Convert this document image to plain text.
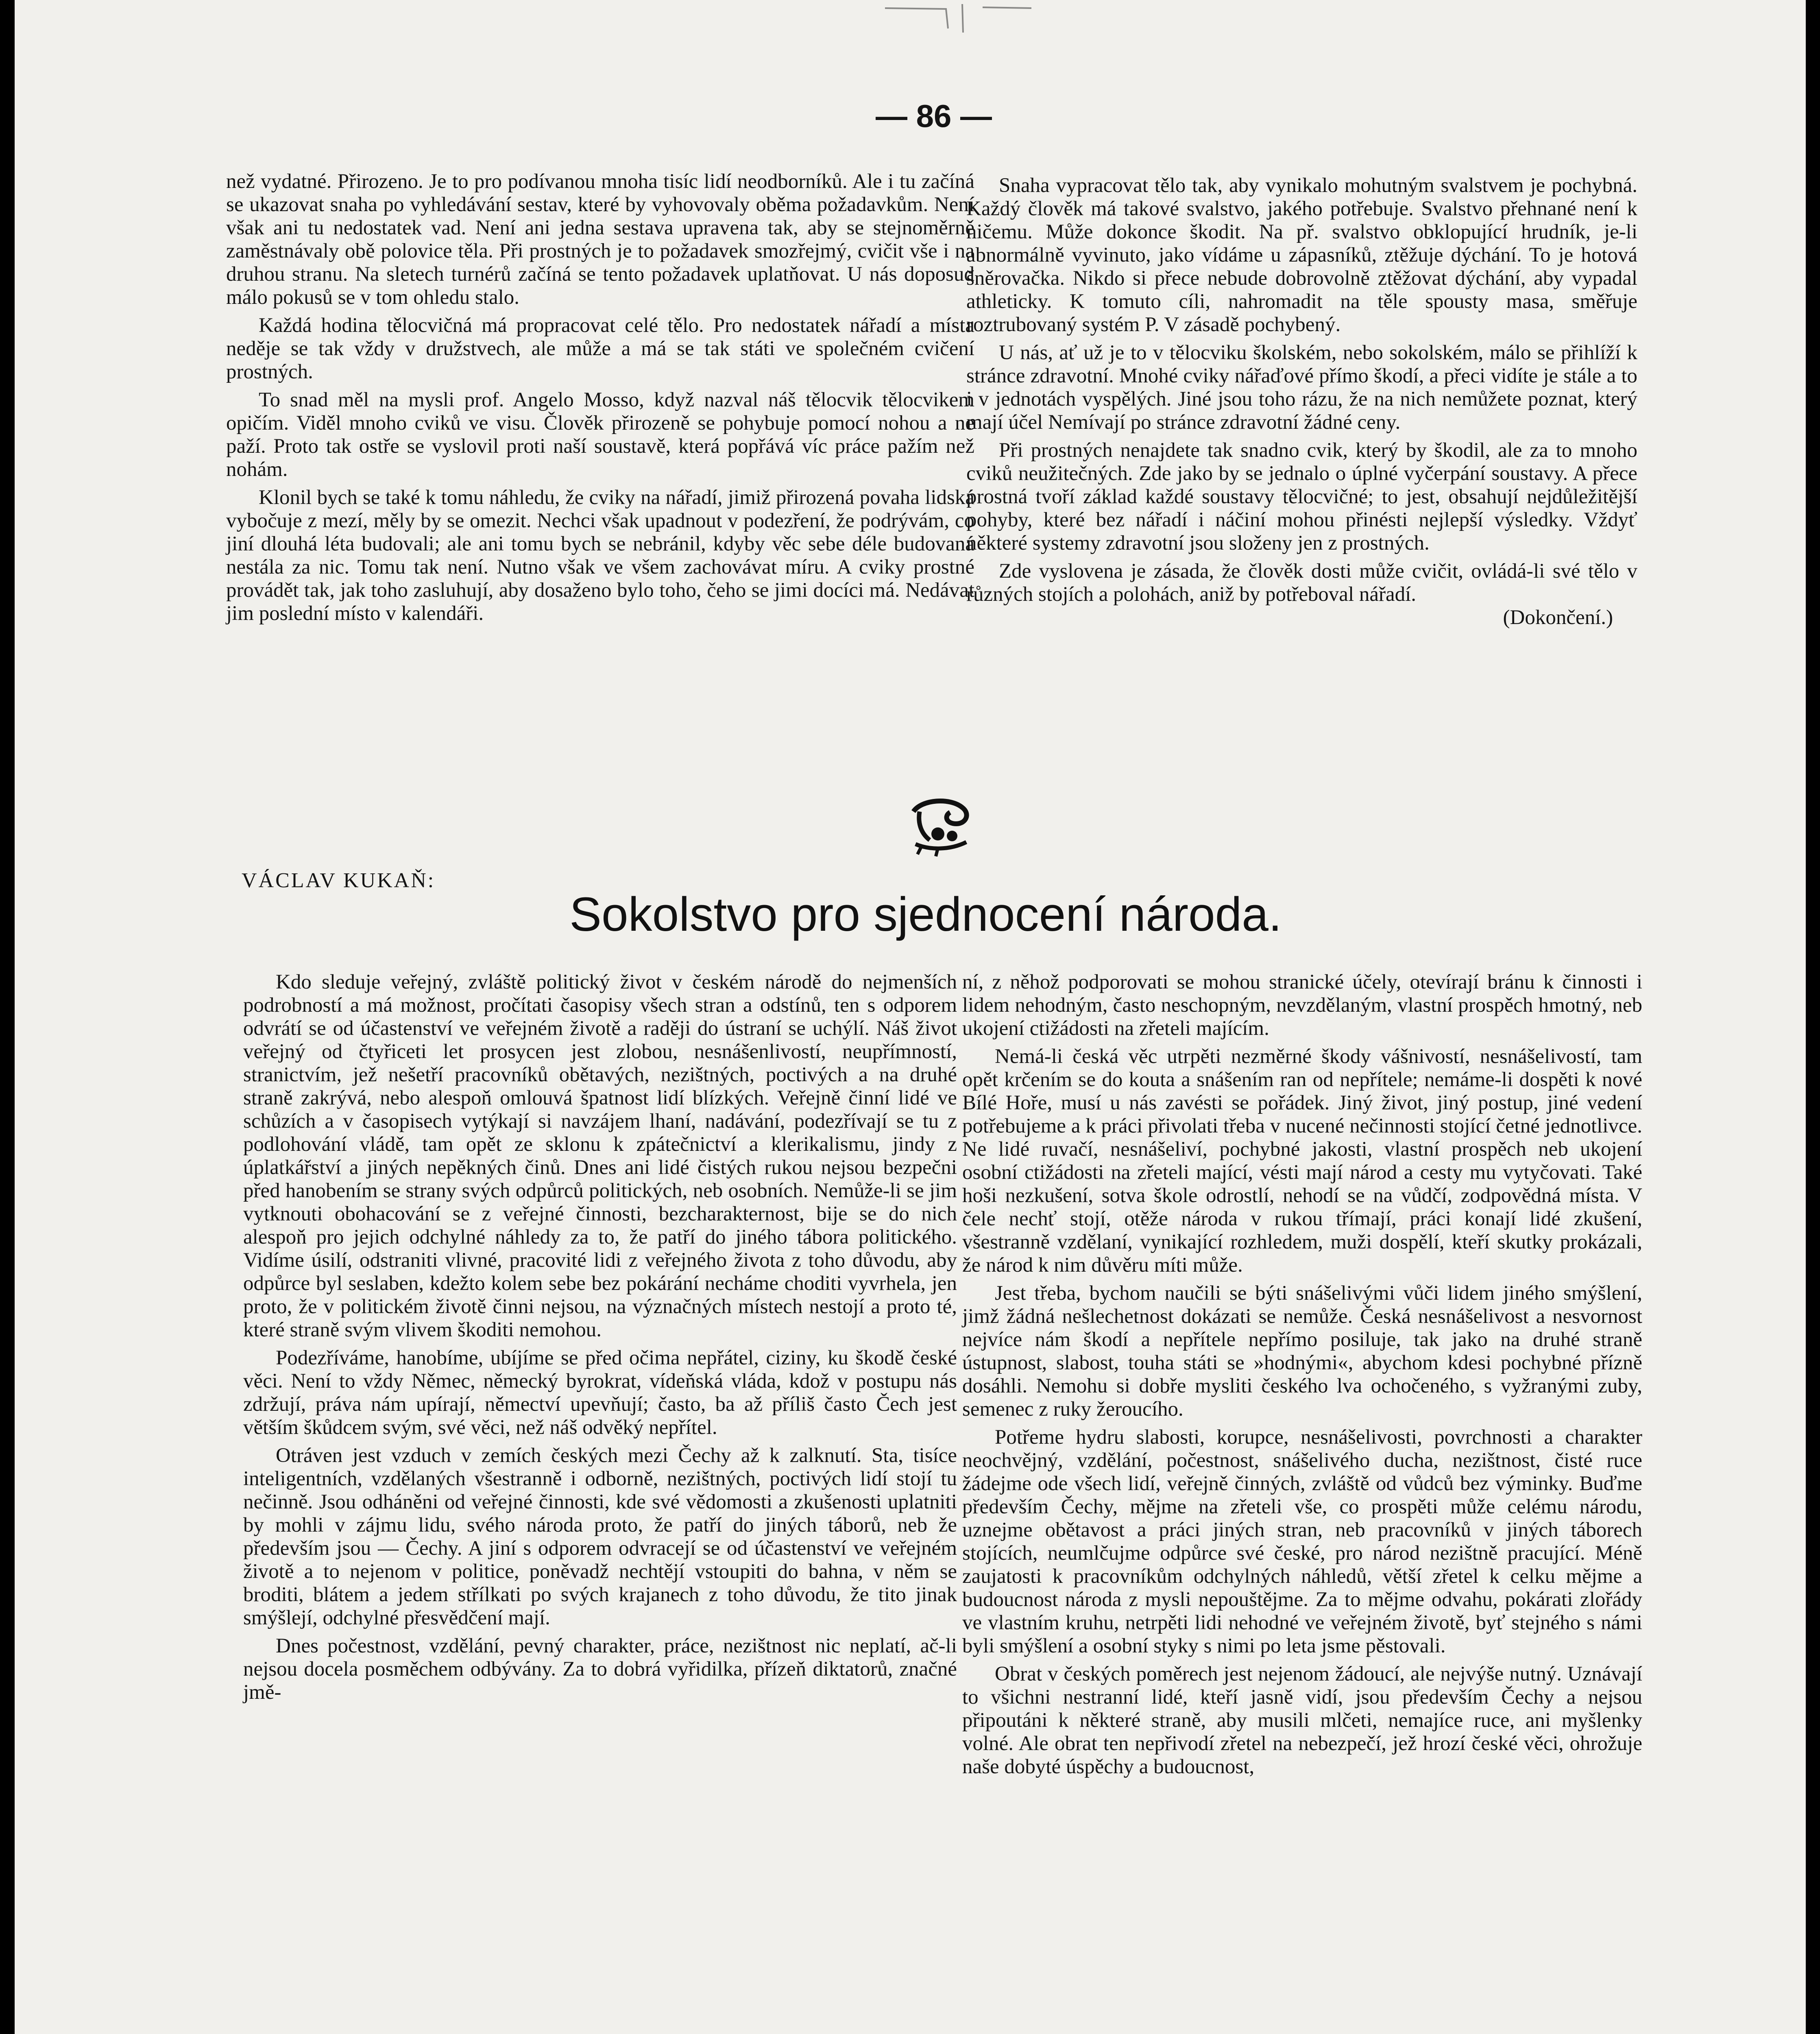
— 86 —

než vydatné. Přirozeno. Je to pro podívanou mnoha tisíc lidí neodborníků. Ale i tu začíná se ukazovat snaha po vyhledávání sestav, které by vyhovovaly oběma požadavkům. Není však ani tu nedostatek vad. Není ani jedna sestava upravena tak, aby se stejnoměrně zaměstnávaly obě polovice těla. Při prostných je to požadavek smozřejmý, cvičit vše i na druhou stranu. Na sletech turnérů začíná se tento požadavek uplatňovat. U nás doposud málo pokusů se v tom ohledu stalo.

Každá hodina tělocvičná má propracovat celé tělo. Pro nedostatek nářadí a místa neděje se tak vždy v družstvech, ale může a má se tak státi ve společném cvičení prostných.

To snad měl na mysli prof. Angelo Mosso, když nazval náš tělocvik tělocvikem opičím. Viděl mnoho cviků ve visu. Člověk přirozeně se pohybuje pomocí nohou a ne paží. Proto tak ostře se vyslovil proti naší soustavě, která popřává víc práce pažím než nohám.

Klonil bych se také k tomu náhledu, že cviky na nářadí, jimiž přirozená povaha lidská vybočuje z mezí, měly by se omezit. Nechci však upadnout v podezření, že podrývám, co jiní dlouhá léta budovali; ale ani tomu bych se nebránil, kdyby věc sebe déle budovaná nestála za nic. Tomu tak není. Nutno však ve všem zachovávat míru. A cviky prostné provádět tak, jak toho zasluhují, aby dosaženo bylo toho, čeho se jimi docíci má. Nedávat jim poslední místo v kalendáři.

Snaha vypracovat tělo tak, aby vynikalo mohutným svalstvem je pochybná. Každý člověk má takové svalstvo, jakého potřebuje. Svalstvo přehnané není k ničemu. Může dokonce škodit. Na př. svalstvo obklopující hrudník, je-li abnormálně vyvinuto, jako vídáme u zápasníků, ztěžuje dýchání. To je hotová šněrovačka. Nikdo si přece nebude dobrovolně ztěžovat dýchání, aby vypadal athleticky. K tomuto cíli, nahromadit na těle spousty masa, směřuje roztrubovaný systém P. V zásadě pochybený.

U nás, ať už je to v tělocviku školském, nebo sokolském, málo se přihlíží k stránce zdravotní. Mnohé cviky nářaďové přímo škodí, a přeci vidíte je stále a to i v jednotách vyspělých. Jiné jsou toho rázu, že na nich nemůžete poznat, který mají účel Nemívají po stránce zdravotní žádné ceny.

Při prostných nenajdete tak snadno cvik, který by škodil, ale za to mnoho cviků neužitečných. Zde jako by se jednalo o úplné vyčerpání soustavy. A přece prostná tvoří základ každé soustavy tělocvičné; to jest, obsahují nejdůležitější pohyby, které bez nářadí i náčiní mohou přinésti nejlepší výsledky. Vždyť některé systemy zdravotní jsou složeny jen z prostných.

Zde vyslovena je zásada, že člověk dosti může cvičit, ovládá-li své tělo v různých stojích a polohách, aniž by potřeboval nářadí.

(Dokončení.)
VÁCLAV KUKAŇ:
Sokolstvo pro sjednocení národa.

Kdo sleduje veřejný, zvláště politický život v českém národě do nejmenších podrobností a má možnost, pročítati časopisy všech stran a odstínů, ten s odporem odvrátí se od účastenství ve veřejném životě a raději do ústraní se uchýlí. Náš život veřejný od čtyřiceti let prosycen jest zlobou, nesnášenlivostí, neupřímností, stranictvím, jež nešetří pracovníků obětavých, nezištných, poctivých a na druhé straně zakrývá, nebo alespoň omlouvá špatnost lidí blízkých. Veřejně činní lidé ve schůzích a v časopisech vytýkají si navzájem lhaní, nadávání, podezřívají se tu z podlohování vládě, tam opět ze sklonu k zpátečnictví a klerikalismu, jindy z úplatkářství a jiných nepěkných činů. Dnes ani lidé čistých rukou nejsou bezpečni před hanobením se strany svých odpůrců politických, neb osobních. Nemůže-li se jim vytknouti obohacování se z veřejné činnosti, bezcharakternost, bije se do nich alespoň pro jejich odchylné náhledy za to, že patří do jiného tábora politického. Vidíme úsilí, odstraniti vlivné, pracovité lidi z veřejného života z toho důvodu, aby odpůrce byl seslaben, kdežto kolem sebe bez pokárání necháme choditi vyvrhela, jen proto, že v politickém životě činni nejsou, na význačných místech nestojí a proto té, které straně svým vlivem škoditi nemohou.

Podezříváme, hanobíme, ubíjíme se před očima nepřátel, ciziny, ku škodě české věci. Není to vždy Němec, německý byrokrat, vídeňská vláda, kdož v postupu nás zdržují, práva nám upírají, němectví upevňují; často, ba až příliš často Čech jest větším škůdcem svým, své věci, než náš odvěký nepřítel.

Otráven jest vzduch v zemích českých mezi Čechy až k zalknutí. Sta, tisíce inteligentních, vzdělaných všestranně i odborně, nezištných, poctivých lidí stojí tu nečinně. Jsou odháněni od veřejné činnosti, kde své vědomosti a zkušenosti uplatniti by mohli v zájmu lidu, svého národa proto, že patří do jiných táborů, neb že především jsou — Čechy. A jiní s odporem odvracejí se od účastenství ve veřejném životě a to nejenom v politice, poněvadž nechtějí vstoupiti do bahna, v něm se broditi, blátem a jedem střílkati po svých krajanech z toho důvodu, že tito jinak smýšlejí, odchylné přesvědčení mají.

Dnes počestnost, vzdělání, pevný charakter, práce, nezištnost nic neplatí, ač-li nejsou docela posměchem odbývány. Za to dobrá vyřidilka, přízeň diktatorů, značné jmě-

ní, z něhož podporovati se mohou stranické účely, otevírají bránu k činnosti i lidem nehodným, často neschopným, nevzdělaným, vlastní prospěch hmotný, neb ukojení ctižádosti na zřeteli majícím.

Nemá-li česká věc utrpěti nezměrné škody vášnivostí, nesnášelivostí, tam opět krčením se do kouta a snášením ran od nepřítele; nemáme-li dospěti k nové Bílé Hoře, musí u nás zavésti se pořádek. Jiný život, jiný postup, jiné vedení potřebujeme a k práci přivolati třeba v nucené nečinnosti stojící četné jednotlivce. Ne lidé ruvačí, nesnášeliví, pochybné jakosti, vlastní prospěch neb ukojení osobní ctižádosti na zřeteli mající, vésti mají národ a cesty mu vytyčovati. Také hoši nezkušení, sotva škole odrostlí, nehodí se na vůdčí, zodpovědná místa. V čele nechť stojí, otěže národa v rukou třímají, práci konají lidé zkušení, všestranně vzdělaní, vynikající rozhledem, muži dospělí, kteří skutky prokázali, že národ k nim důvěru míti může.

Jest třeba, bychom naučili se býti snášelivými vůči lidem jiného smýšlení, jimž žádná nešlechetnost dokázati se nemůže. Česká nesnášelivost a nesvornost nejvíce nám škodí a nepřítele nepřímo posiluje, tak jako na druhé straně ústupnost, slabost, touha státi se »hodnými«, abychom kdesi pochybné přízně dosáhli. Nemohu si dobře mysliti českého lva ochočeného, s vyžranými zuby, semenec z ruky žeroucího.

Potřeme hydru slabosti, korupce, nesnášelivosti, povrchnosti a charakter neochvějný, vzdělání, počestnost, snášelivého ducha, nezištnost, čisté ruce žádejme ode všech lidí, veřejně činných, zvláště od vůdců bez výminky. Buďme především Čechy, mějme na zřeteli vše, co prospěti může celému národu, uznejme obětavost a práci jiných stran, neb pracovníků v jiných táborech stojících, neumlčujme odpůrce své české, pro národ nezištně pracující. Méně zaujatosti k pracovníkům odchylných náhledů, větší zřetel k celku mějme a budoucnost národa z mysli nepouštějme. Za to mějme odvahu, pokárati zlořády ve vlastním kruhu, netrpěti lidi nehodné ve veřejném životě, byť stejného s námi byli smýšlení a osobní styky s nimi po leta jsme pěstovali.

Obrat v českých poměrech jest nejenom žádoucí, ale nejvýše nutný. Uznávají to všichni nestranní lidé, kteří jasně vidí, jsou především Čechy a nejsou připoutáni k některé straně, aby musili mlčeti, nemajíce ruce, ani myšlenky volné. Ale obrat ten nepřivodí zřetel na nebezpečí, jež hrozí české věci, ohrožuje naše dobyté úspěchy a budoucnost,
